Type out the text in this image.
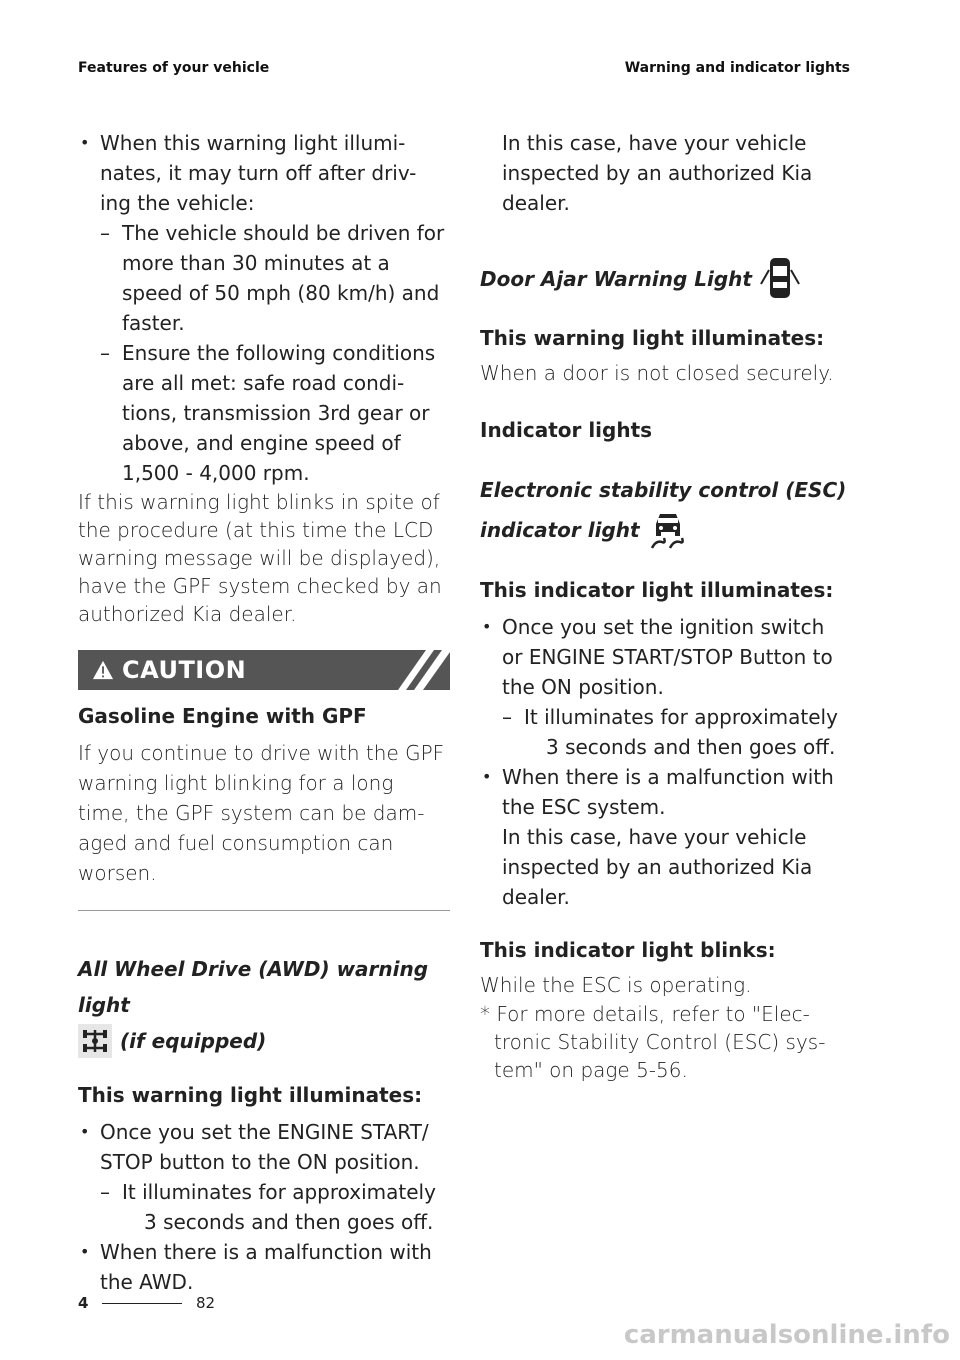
Features of your vehicle	Warning and indicator lights
• When this warning light illumi-
nates, it may turn off after driv-
ing the vehicle:
– The vehicle should be driven for
more than 30 minutes at a
speed of 50 mph (80 km/h) and
faster.
– Ensure the following conditions
are all met: safe road condi-
tions, transmission 3rd gear or
above, and engine speed of
1,500 - 4,000 rpm.
If this warning light blinks in spite of
the procedure (at this time the LCD
warning message will be displayed),
have the GPF system checked by an
authorized Kia dealer.
CAUTION
Gasoline Engine with GPF
If you continue to drive with the GPF
warning light blinking for a long
time, the GPF system can be dam-
aged and fuel consumption can
worsen.
All Wheel Drive (AWD) warning light
(if equipped)
This warning light illuminates:
• Once you set the ENGINE START/
STOP button to the ON position.
– It illuminates for approximately
3 seconds and then goes off.
• When there is a malfunction with
the AWD.
In this case, have your vehicle
inspected by an authorized Kia
dealer.
Door Ajar Warning Light
This warning light illuminates:
When a door is not closed securely.
Indicator lights
Electronic stability control (ESC)
indicator light
This indicator light illuminates:
• Once you set the ignition switch
or ENGINE START/STOP Button to
the ON position.
– It illuminates for approximately
3 seconds and then goes off.
• When there is a malfunction with
the ESC system.
In this case, have your vehicle
inspected by an authorized Kia
dealer.
This indicator light blinks:
While the ESC is operating.
* For more details, refer to "Elec-
tronic Stability Control (ESC) sys-
tem" on page 5-56.
4	82
carmanualsonline.info
